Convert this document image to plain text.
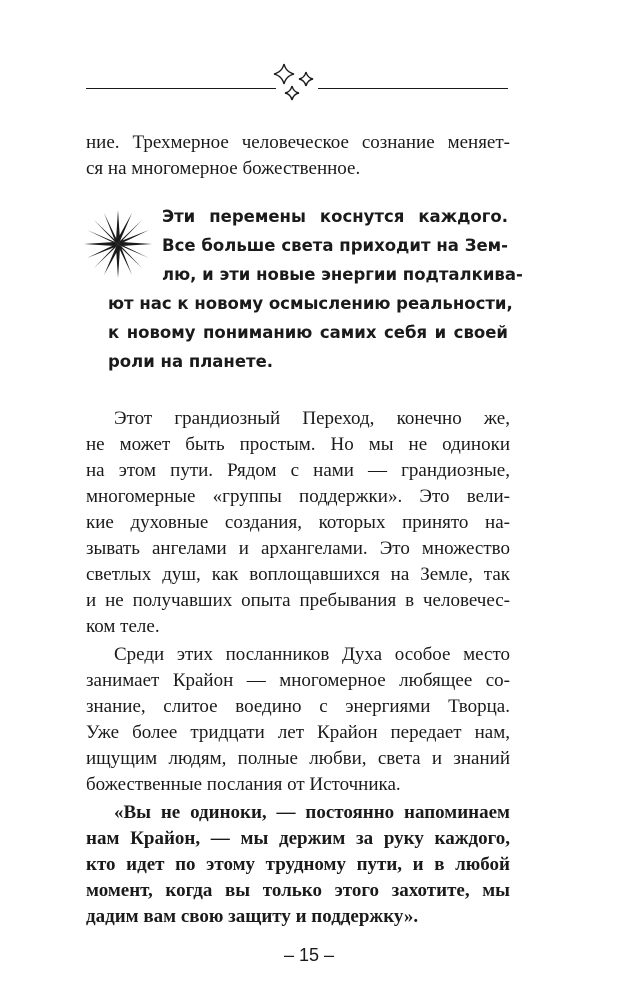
ние. Трехмерное человеческое сознание меняет-
ся на многомерное божественное.
Эти перемены коснутся каждого.
Все больше света приходит на Зем-
лю, и эти новые энергии подталкива-
ют нас к новому осмыслению реальности,
к новому пониманию самих себя и своей
роли на планете.
Этот грандиозный Переход, конечно же,
не может быть простым. Но мы не одиноки
на этом пути. Рядом с нами — грандиозные,
многомерные «группы поддержки». Это вели-
кие духовные создания, которых принято на-
зывать ангелами и архангелами. Это множество
светлых душ, как воплощавшихся на Земле, так
и не получавших опыта пребывания в человечес-
ком теле.
Среди этих посланников Духа особое место
занимает Крайон — многомерное любящее со-
знание, слитое воедино с энергиями Творца.
Уже более тридцати лет Крайон передает нам,
ищущим людям, полные любви, света и знаний
божественные послания от Источника.
«Вы не одиноки, — постоянно напоминаем
нам Крайон, — мы держим за руку каждого,
кто идет по этому трудному пути, и в любой
момент, когда вы только этого захотите, мы
дадим вам свою защиту и поддержку».
– 15 –
